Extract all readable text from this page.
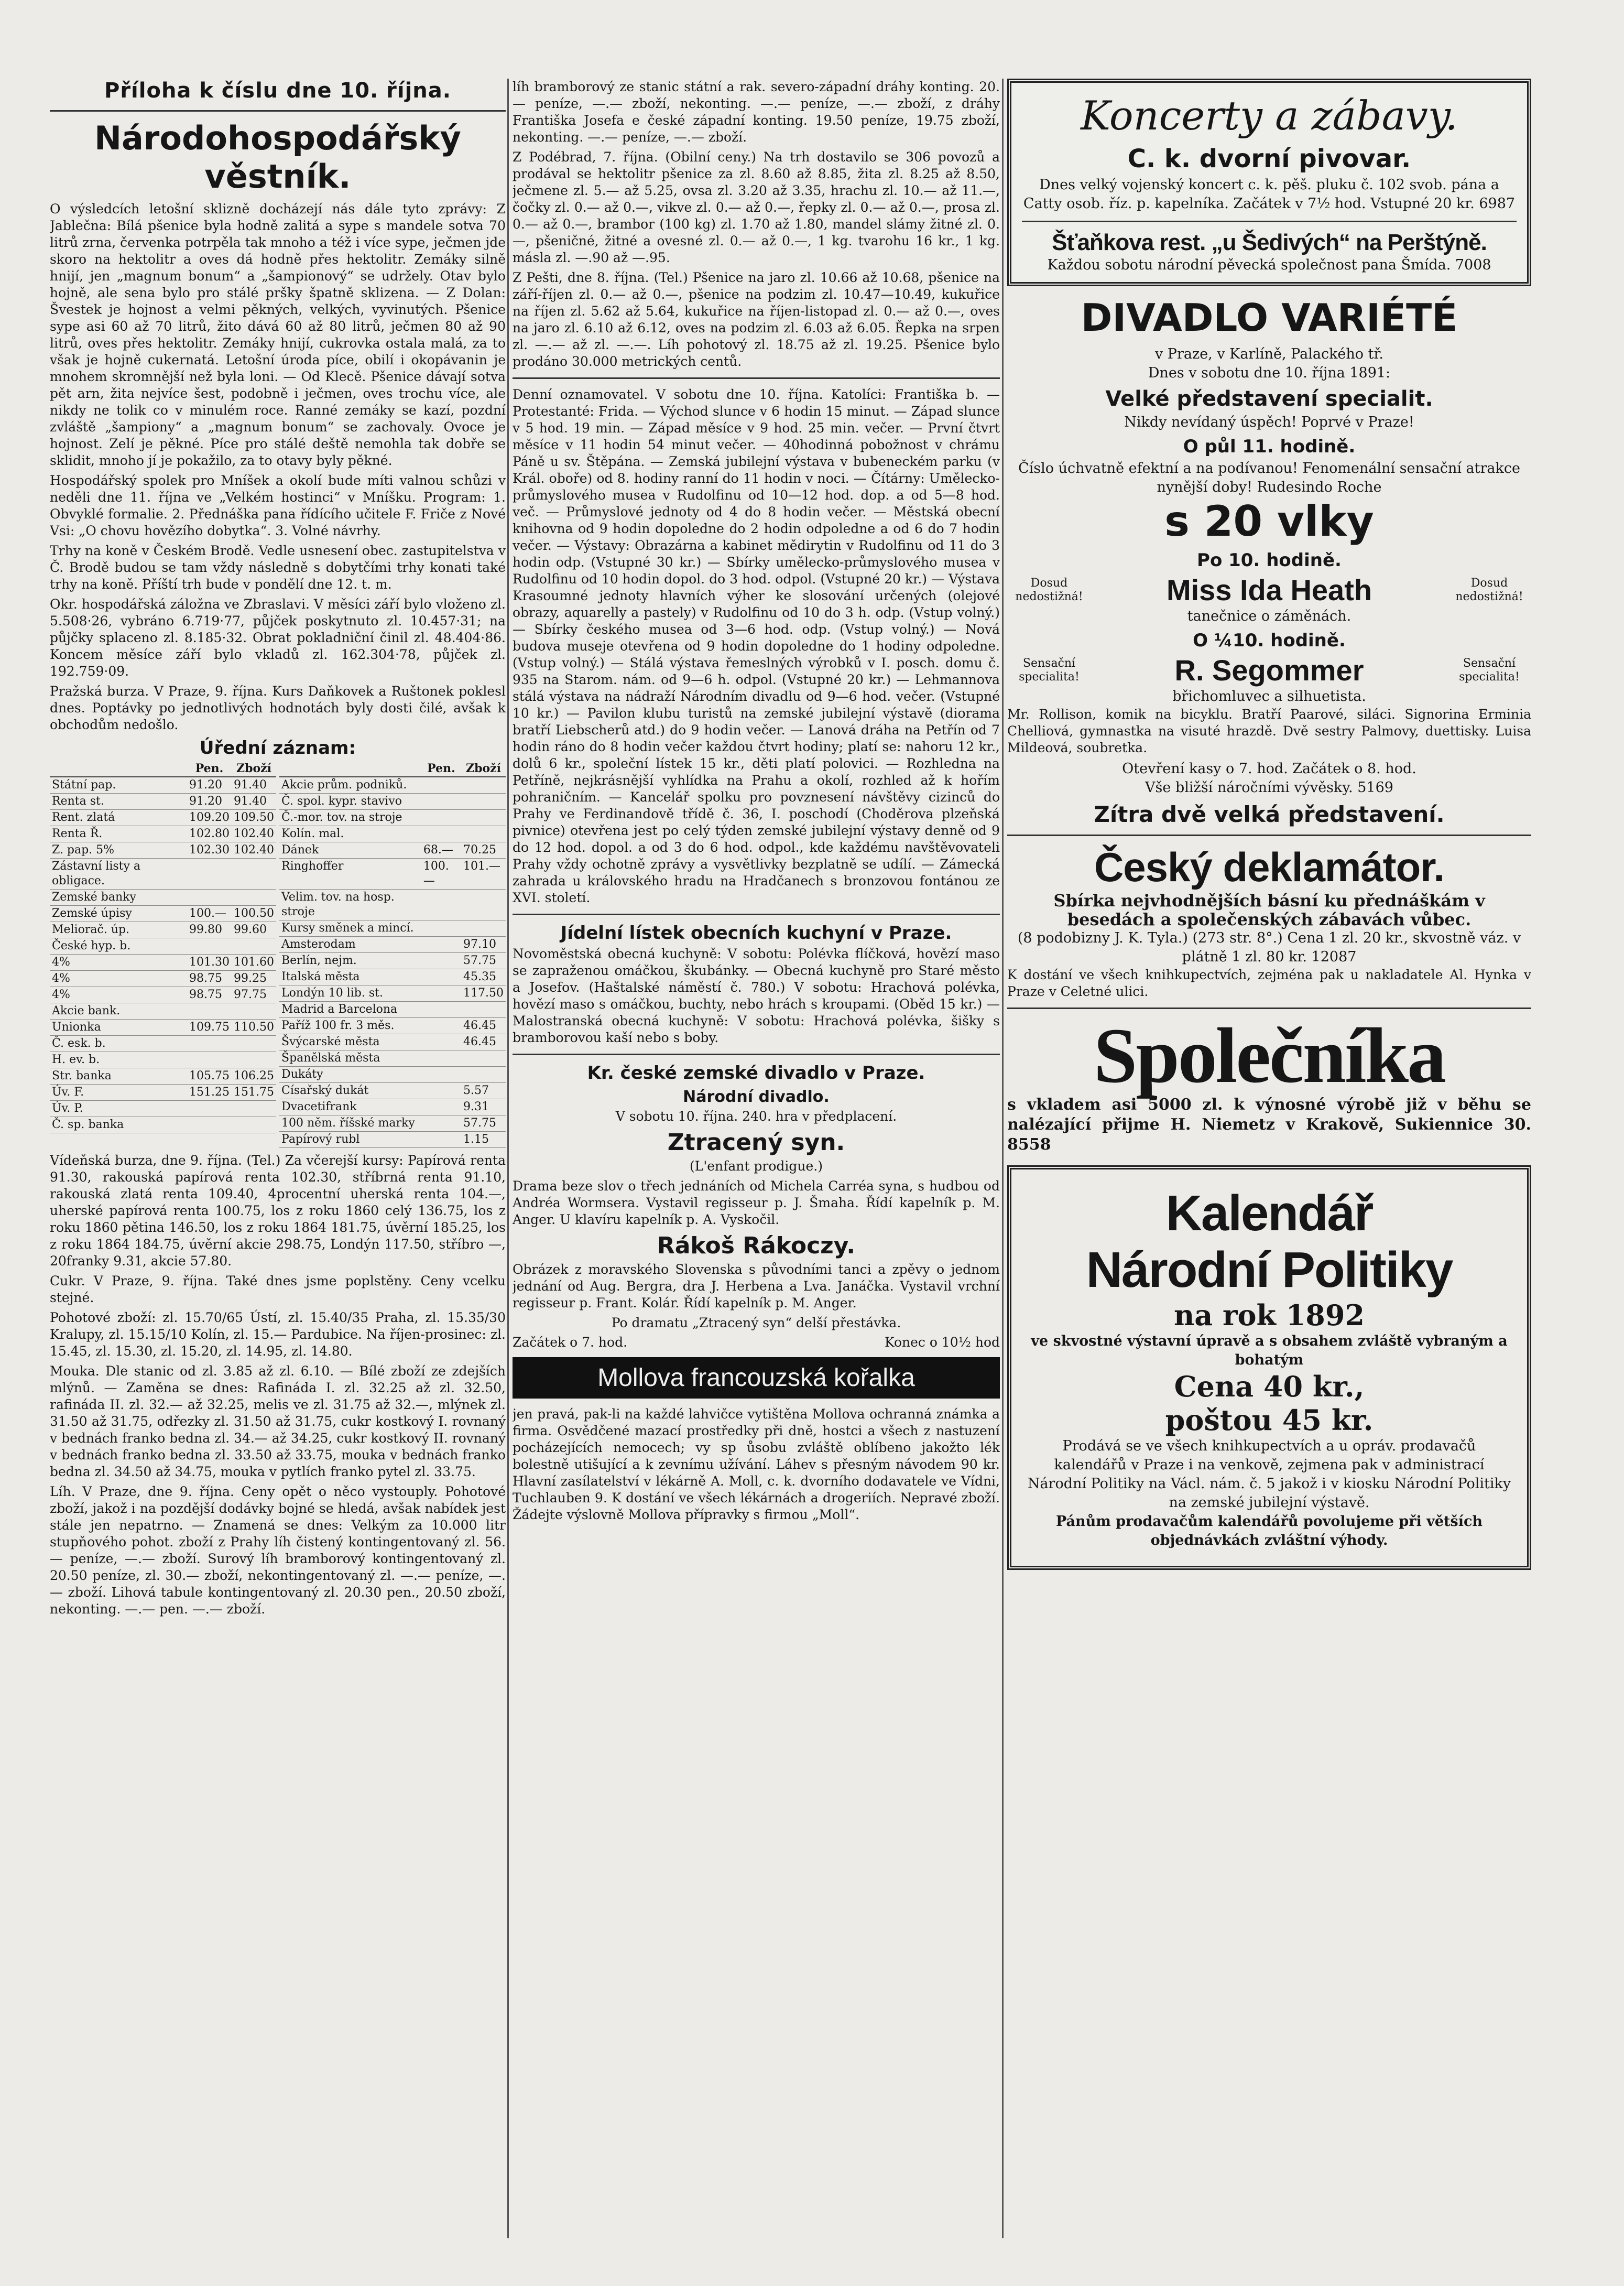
Příloha k číslu dne 10. října.
Národohospodářský věstník.

O výsledcích letošní sklizně docházejí nás dále tyto zprávy: Z Jablečna: Bílá pšenice byla hodně zalitá a sype s mandele sotva 70 litrů zrna, červenka potrpěla tak mnoho a též i více sype, ječmen jde skoro na hektolitr a oves dá hodně přes hektolitr. Zemáky silně hnijí, jen „magnum bonum“ a „šampionový“ se udržely. Otav bylo hojně, ale sena bylo pro stálé pršky špatně sklizena. — Z Dolan: Švestek je hojnost a velmi pěkných, velkých, vyvinutých. Pšenice sype asi 60 až 70 litrů, žito dává 60 až 80 litrů, ječmen 80 až 90 litrů, oves přes hektolitr. Zemáky hnijí, cukrovka ostala malá, za to však je hojně cukernatá. Letošní úroda píce, obilí i okopávanin je mnohem skromnější než byla loni. — Od Klecě. Pšenice dávají sotva pět arn, žita nejvíce šest, podobně i ječmen, oves trochu více, ale nikdy ne tolik co v minulém roce. Ranné zemáky se kazí, pozdní zvláště „šampiony“ a „magnum bonum“ se zachovaly. Ovoce je hojnost. Zelí je pěkné. Píce pro stálé deště nemohla tak dobře se sklidit, mnoho jí je pokažilo, za to otavy byly pěkné.

Hospodářský spolek pro Mníšek a okolí bude míti valnou schůzi v neděli dne 11. října ve „Velkém hostinci“ v Mníšku. Program: 1. Obvyklé formalie. 2. Přednáška pana řídícího učitele F. Friče z Nové Vsi: „O chovu hovězího dobytka“. 3. Volné návrhy.

Trhy na koně v Českém Brodě. Vedle usnesení obec. zastupitelstva v Č. Brodě budou se tam vždy následně s dobytčími trhy konati také trhy na koně. Příští trh bude v pondělí dne 12. t. m.

Okr. hospodářská záložna ve Zbraslavi. V měsíci září bylo vloženo zl. 5.508·26, vybráno 6.719·77, půjček poskytnuto zl. 10.457·31; na půjčky splaceno zl. 8.185·32. Obrat pokladniční činil zl. 48.404·86. Koncem měsíce září bylo vkladů zl. 162.304·78, půjček zl. 192.759·09.

Pražská burza. V Praze, 9. října. Kurs Daňkovek a Ruštonek poklesl dnes. Poptávky po jednotlivých hodnotách byly dosti čilé, avšak k obchodům nedošlo.

Úřední záznam:
	Pen.	Zboží
Státní pap.	91.20	91.40
Renta st.	91.20	91.40
Rent. zlatá	109.20	109.50
Renta Ř.	102.80	102.40
Z. pap. 5%	102.30	102.40
Zástavní listy a obligace.		
Zemské banky		
Zemské úpisy	100.—	100.50
Meliorač. úp.	99.80	99.60
České hyp. b.		
4%	101.30	101.60
4%	98.75	99.25
4%	98.75	97.75
Akcie bank.		
Unionka	109.75	110.50
Č. esk. b.		
H. ev. b.		
Str. banka	105.75	106.25
Úv. F.	151.25	151.75
Úv. P.		
Č. sp. banka		
	Pen.	Zboží
Akcie prům. podniků.		
Č. spol. kypr. stavivo		
Č.-mor. tov. na stroje		
Kolín. mal.		
Dánek	68.—	70.25
Ringhoffer	100.—	101.—
Velim. tov. na hosp. stroje		
Kursy směnek a mincí.		
Amsterodam		97.10
Berlín, nejm.		57.75
Italská města		45.35
Londýn 10 lib. st.		117.50
Madrid a Barcelona		
Paříž 100 fr. 3 měs.		46.45
Švýcarské města		46.45
Španělská města		
Dukáty		
Císařský dukát		5.57
Dvacetifrank		9.31
100 něm. říšské marky		57.75
Papírový rubl		1.15

Vídeňská burza, dne 9. října. (Tel.) Za včerejší kursy: Papírová renta 91.30, rakouská papírová renta 102.30, stříbrná renta 91.10, rakouská zlatá renta 109.40, 4procentní uherská renta 104.—, uherské papírová renta 100.75, los z roku 1860 celý 136.75, los z roku 1860 pětina 146.50, los z roku 1864 181.75, úvěrní 185.25, los z roku 1864 184.75, úvěrní akcie 298.75, Londýn 117.50, stříbro —, 20franky 9.31, akcie 57.80.

Cukr. V Praze, 9. října. Také dnes jsme poplstěny. Ceny vcelku stejné.

Pohotové zboží: zl. 15.70/65 Ústí, zl. 15.40/35 Praha, zl. 15.35/30 Kralupy, zl. 15.15/10 Kolín, zl. 15.— Pardubice. Na říjen-prosinec: zl. 15.45, zl. 15.30, zl. 15.20, zl. 14.95, zl. 14.80.

Mouka. Dle stanic od zl. 3.85 až zl. 6.10. — Bílé zboží ze zdejších mlýnů. — Zaměna se dnes: Rafináda I. zl. 32.25 až zl. 32.50, rafináda II. zl. 32.— až 32.25, melis ve zl. 31.75 až 32.—, mlýnek zl. 31.50 až 31.75, odřezky zl. 31.50 až 31.75, cukr kostkový I. rovnaný v bednách franko bedna zl. 34.— až 34.25, cukr kostkový II. rovnaný v bednách franko bedna zl. 33.50 až 33.75, mouka v bednách franko bedna zl. 34.50 až 34.75, mouka v pytlích franko pytel zl. 33.75.

Líh. V Praze, dne 9. října. Ceny opět o něco vystouply. Pohotové zboží, jakož i na pozdější dodávky bojné se hledá, avšak nabídek jest stále jen nepatrno. — Znamená se dnes: Velkým za 10.000 litr stupňového pohot. zboží z Prahy líh čistený kontingentovaný zl. 56.— peníze, —.— zboží. Surový líh bramborový kontingentovaný zl. 20.50 peníze, zl. 30.— zboží, nekontingentovaný zl. —.— peníze, —.— zboží. Lihová tabule kontingentovaný zl. 20.30 pen., 20.50 zboží, nekonting. —.— pen. —.— zboží.

líh bramborový ze stanic státní a rak. severo-západní dráhy konting. 20.— peníze, —.— zboží, nekonting. —.— peníze, —.— zboží, z dráhy Františka Josefa e české západní konting. 19.50 peníze, 19.75 zboží, nekonting. —.— peníze, —.— zboží.

Z Podébrad, 7. října. (Obilní ceny.) Na trh dostavilo se 306 povozů a prodával se hektolitr pšenice za zl. 8.60 až 8.85, žita zl. 8.25 až 8.50, ječmene zl. 5.— až 5.25, ovsa zl. 3.20 až 3.35, hrachu zl. 10.— až 11.—, čočky zl. 0.— až 0.—, vikve zl. 0.— až 0.—, řepky zl. 0.— až 0.—, prosa zl. 0.— až 0.—, brambor (100 kg) zl. 1.70 až 1.80, mandel slámy žitné zl. 0.—, pšeničné, žitné a ovesné zl. 0.— až 0.—, 1 kg. tvarohu 16 kr., 1 kg. másla zl. —.90 až —.95.

Z Pešti, dne 8. října. (Tel.) Pšenice na jaro zl. 10.66 až 10.68, pšenice na září-říjen zl. 0.— až 0.—, pšenice na podzim zl. 10.47—10.49, kukuřice na říjen zl. 5.62 až 5.64, kukuřice na říjen-listopad zl. 0.— až 0.—, oves na jaro zl. 6.10 až 6.12, oves na podzim zl. 6.03 až 6.05. Řepka na srpen zl. —.— až zl. —.—. Líh pohotový zl. 18.75 až zl. 19.25. Pšenice bylo prodáno 30.000 metrických centů.

Denní oznamovatel. V sobotu dne 10. října. Katolíci: Františka b. — Protestanté: Frida. — Východ slunce v 6 hodin 15 minut. — Západ slunce v 5 hod. 19 min. — Západ měsíce v 9 hod. 25 min. večer. — První čtvrt měsíce v 11 hodin 54 minut večer. — 40hodinná pobožnost v chrámu Páně u sv. Štěpána. — Zemská jubilejní výstava v bubeneckém parku (v Král. oboře) od 8. hodiny ranní do 11 hodin v noci. — Čítárny: Umělecko-průmyslového musea v Rudolfinu od 10—12 hod. dop. a od 5—8 hod. več. — Průmyslové jednoty od 4 do 8 hodin večer. — Městská obecní knihovna od 9 hodin dopoledne do 2 hodin odpoledne a od 6 do 7 hodin večer. — Výstavy: Obrazárna a kabinet mědirytin v Rudolfinu od 11 do 3 hodin odp. (Vstupné 30 kr.) — Sbírky umělecko-průmyslového musea v Rudolfinu od 10 hodin dopol. do 3 hod. odpol. (Vstupné 20 kr.) — Výstava Krasoumné jednoty hlavních výher ke slosování určených (olejové obrazy, aquarelly a pastely) v Rudolfinu od 10 do 3 h. odp. (Vstup volný.) — Sbírky českého musea od 3—6 hod. odp. (Vstup volný.) — Nová budova museje otevřena od 9 hodin dopoledne do 1 hodiny odpoledne. (Vstup volný.) — Stálá výstava řemeslných výrobků v I. posch. domu č. 935 na Starom. nám. od 9—6 h. odpol. (Vstupné 20 kr.) — Lehmannova stálá výstava na nádraží Národním divadlu od 9—6 hod. večer. (Vstupné 10 kr.) — Pavilon klubu turistů na zemské jubilejní výstavě (diorama bratří Liebscherů atd.) do 9 hodin večer. — Lanová dráha na Petřín od 7 hodin ráno do 8 hodin večer každou čtvrt hodiny; platí se: nahoru 12 kr., dolů 6 kr., společní lístek 15 kr., děti platí polovici. — Rozhledna na Petříně, nejkrásnější vyhlídka na Prahu a okolí, rozhled až k hořím pohraničním. — Kancelář spolku pro povznesení návštěvy cizinců do Prahy ve Ferdinandově třídě č. 36, I. poschodí (Choděrova plzeňská pivnice) otevřena jest po celý týden zemské jubilejní výstavy denně od 9 do 12 hod. dopol. a od 3 do 6 hod. odpol., kde každému navštěvovateli Prahy vždy ochotně zprávy a vysvětlivky bezplatně se udílí. — Zámecká zahrada u královského hradu na Hradčanech s bronzovou fontánou ze XVI. století.

Jídelní lístek obecních kuchyní v Praze.

Novoměstská obecná kuchyně: V sobotu: Polévka flíčková, hovězí maso se zapraženou omáčkou, škubánky. — Obecná kuchyně pro Staré město a Josefov. (Haštalské náměstí č. 780.) V sobotu: Hrachová polévka, hovězí maso s omáčkou, buchty, nebo hrách s kroupami. (Oběd 15 kr.) — Malostranská obecná kuchyně: V sobotu: Hrachová polévka, šišky s bramborovou kaší nebo s boby.

Kr. české zemské divadlo v Praze.
Národní divadlo.

V sobotu 10. října. 240. hra v předplacení.

Ztracený syn.

(L'enfant prodigue.)

Drama beze slov o třech jednáních od Michela Carréa syna, s hudbou od Andréa Wormsera. Vystavil regisseur p. J. Šmaha. Řídí kapelník p. M. Anger. U klavíru kapelník p. A. Vyskočil.

Rákoš Rákoczy.

Obrázek z moravského Slovenska s původními tanci a zpěvy o jednom jednání od Aug. Bergra, dra J. Herbena a Lva. Janáčka. Vystavil vrchní regisseur p. Frant. Kolár. Řídí kapelník p. M. Anger.

Po dramatu „Ztracený syn“ delší přestávka.

Začátek o 7. hod.	Konec o 10½ hod
Mollova francouzská kořalka

jen pravá, pak-li na každé lahvičce vytištěna Mollova ochranná známka a firma. Osvědčené mazací prostředky při dně, hostci a všech z nastuzení pocházejících nemocech; vy sp ůsobu zvláště oblíbeno jakožto lék bolestně utišující a k zevnímu užívání. Láhev s přesným návodem 90 kr. Hlavní zasílatelství v lékárně A. Moll, c. k. dvorního dodavatele ve Vídni, Tuchlauben 9. K dostání ve všech lékárnách a drogeriích. Nepravé zboží. Žádejte výslovně Mollova přípravky s firmou „Moll“.

Koncerty a zábavy.
C. k. dvorní pivovar.

Dnes velký vojenský koncert c. k. pěš. pluku č. 102 svob. pána a Catty osob. říz. p. kapelníka. Začátek v 7½ hod. Vstupné 20 kr. 6987

Šťaňkova rest. „u Šedivých“ na Perštýně.

Každou sobotu národní pěvecká společnost pana Šmída. 7008

DIVADLO VARIÉTÉ

v Praze, v Karlíně, Palackého tř.

Dnes v sobotu dne 10. října 1891:

Velké představení specialit.

Nikdy nevídaný úspěch! Poprvé v Praze!

O půl 11. hodině.

Číslo úchvatně efektní a na podívanou! Fenomenální sensační atrakce nynější doby! Rudesindo Roche

s 20 vlky
Po 10. hodině.
Dosud nedostižná!	Miss Ida Heath	Dosud nedostižná!

tanečnice o záměnách.

O ¼10. hodině.
Sensační specialita!	R. Segommer	Sensační specialita!

břichomluvec a silhuetista.

Mr. Rollison, komik na bicyklu. Bratří Paarové, siláci. Signorina Erminia Chelliová, gymnastka na visuté hrazdě. Dvě sestry Palmovy, duettisky. Luisa Mildeová, soubretka.

Otevření kasy o 7. hod. Začátek o 8. hod.

Vše bližší náročními vývěsky. 5169

Zítra dvě velká představení.
Český deklamátor.

Sbírka nejvhodnějších básní ku přednáškám v besedách a společenských zábavách vůbec.

(8 podobizny J. K. Tyla.) (273 str. 8°.) Cena 1 zl. 20 kr., skvostně váz. v plátně 1 zl. 80 kr. 12087

K dostání ve všech knihkupectvích, zejména pak u nakladatele Al. Hynka v Praze v Celetné ulici.

Společníka

s vkladem asi 5000 zl. k výnosné výrobě již v běhu se nalézající přijme H. Niemetz v Krakově, Sukiennice 30. 8558

Kalendář
Národní Politiky
na rok 1892

ve skvostné výstavní úpravě a s obsahem zvláště vybraným a bohatým

Cena 40 kr.,
poštou 45 kr.

Prodává se ve všech knihkupectvích a u opráv. prodavačů kalendářů v Praze i na venkově, zejmena pak v administrací Národní Politiky na Václ. nám. č. 5 jakož i v kiosku Národní Politiky na zemské jubilejní výstavě.

Pánům prodavačům kalendářů povolujeme při větších objednávkách zvláštní výhody.
